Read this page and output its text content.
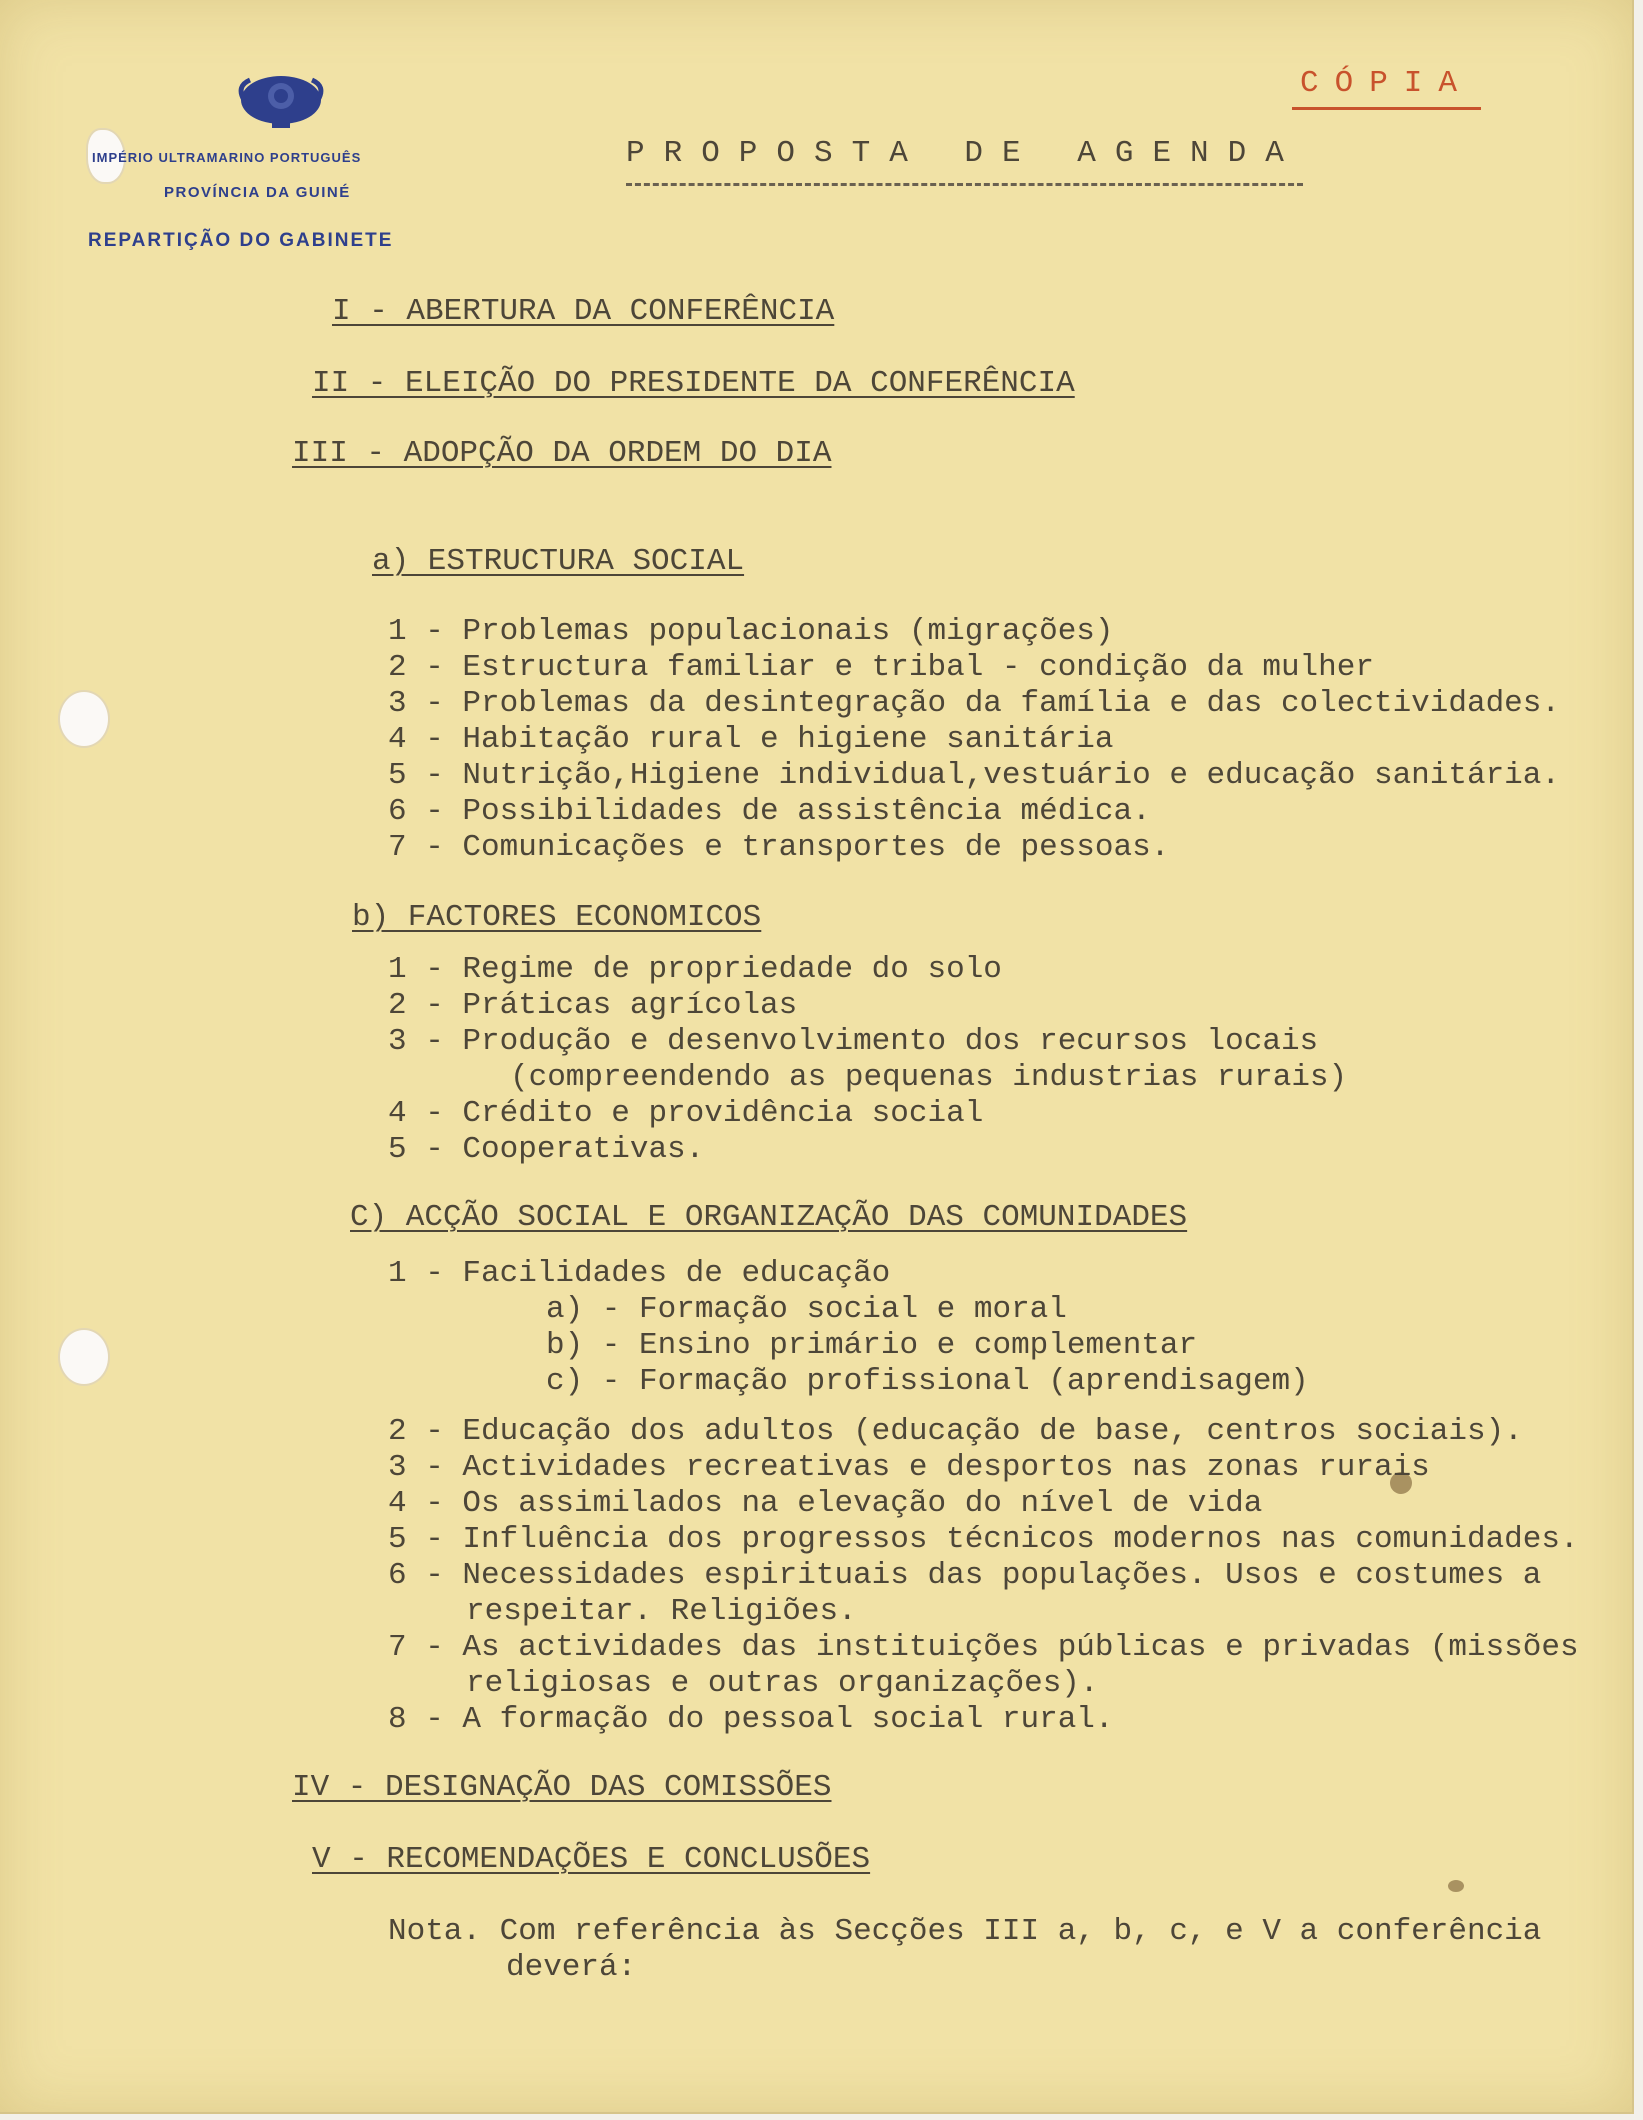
IMPÉRIO ULTRAMARINO PORTUGUÊS
PROVÍNCIA DA GUINÉ
REPARTIÇÃO DO GABINETE
CÓPIA
PROPOSTA DE AGENDA
I - ABERTURA DA CONFERÊNCIA
II - ELEIÇÃO DO PRESIDENTE DA CONFERÊNCIA
III - ADOPÇÃO DA ORDEM DO DIA
a) ESTRUCTURA SOCIAL
1 - Problemas populacionais (migrações)
2 - Estructura familiar e tribal - condição da mulher
3 - Problemas da desintegração da família e das colectividades.
4 - Habitação rural e higiene sanitária
5 - Nutrição,Higiene individual,vestuário e educação sanitária.
6 - Possibilidades de assistência médica.
7 - Comunicações e transportes de pessoas.
b) FACTORES ECONOMICOS
1 - Regime de propriedade do solo
2 - Práticas agrícolas
3 - Produção e desenvolvimento dos recursos locais
(compreendendo as pequenas industrias rurais)
4 - Crédito e providência social
5 - Cooperativas.
C) ACÇÃO SOCIAL E ORGANIZAÇÃO DAS COMUNIDADES
1 - Facilidades de educação
a) - Formação social e moral
b) - Ensino primário e complementar
c) - Formação profissional (aprendisagem)
2 - Educação dos adultos (educação de base, centros sociais).
3 - Actividades recreativas e desportos nas zonas rurais
4 - Os assimilados na elevação do nível de vida
5 - Influência dos progressos técnicos modernos nas comunidades.
6 - Necessidades espirituais das populações. Usos e costumes a
respeitar. Religiões.
7 - As actividades das instituições públicas e privadas (missões
religiosas e outras organizações).
8 - A formação do pessoal social rural.
IV - DESIGNAÇÃO DAS COMISSÕES
V - RECOMENDAÇÕES E CONCLUSÕES
Nota. Com referência às Secções III a, b, c, e V a conferência
deverá:
